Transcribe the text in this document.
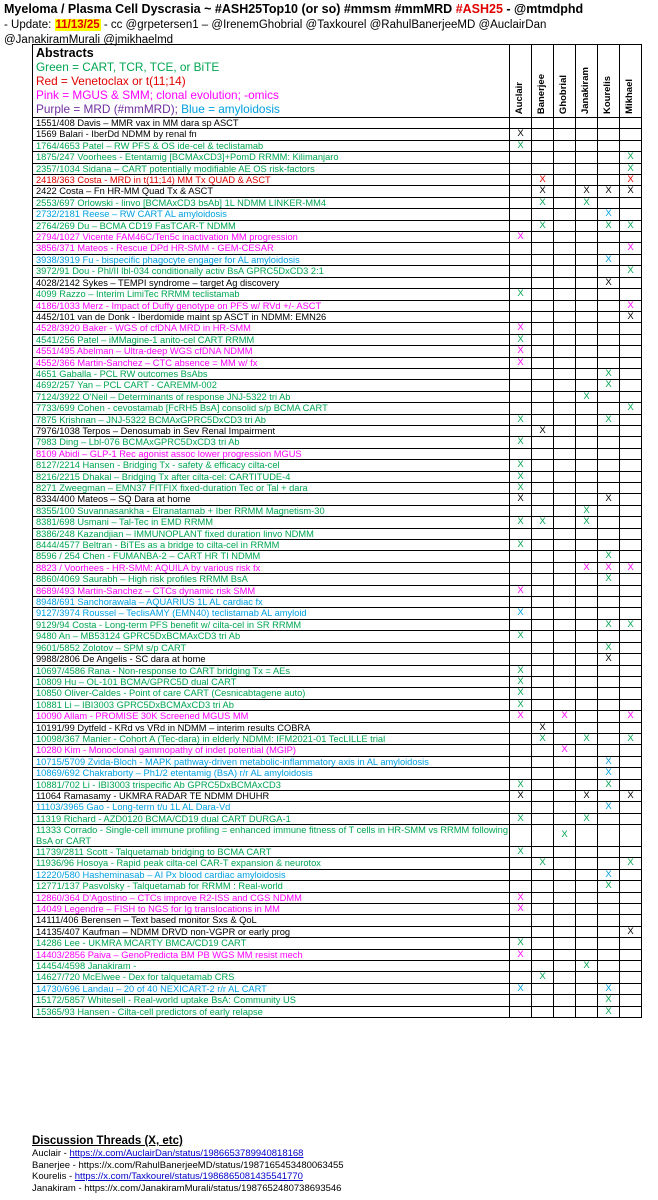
Myeloma / Plasma Cell Dyscrasia ~ #ASH25Top10 (or so) #mmsm #mmMRD #ASH25 - @mtmdphd
- Update: 11/13/25 - cc @grpetersen1 – @IrenemGhobrial @Taxkourel @RahulBanerjeeMD @AuclairDan
@JanakiramMurali @jmikhaelmd
Abstracts
Green = CART, TCR, TCE, or BiTE
Red = Venetoclax or t(11;14)
Pink = MGUS & SMM; clonal evolution; -omics
Purple = MRD (#mmMRD); Blue = amyloidosis	Auclair	Banerjee	Ghobrial	Janakiram	Kourelis	Mikhael

1551/408 Davis – MMR vax in MM dara sp ASCT						
1569 Balari - IberDd NDMM by renal fn	X					
1764/4653 Patel – RW PFS & OS ide-cel & teclistamab	X					
1875/247 Voorhees - Etentamig [BCMAxCD3]+PomD RRMM: Kilimanjaro						X
2357/1034 Sidana – CART potentially modifiable AE OS risk-factors						X
2418/363 Costa - MRD in t(11;14) MM Tx QUAD & ASCT		X				X
2422 Costa – Fn HR-MM Quad Tx & ASCT		X		X	X	X
2553/697 Orlowski - linvo [BCMAxCD3 bsAb] 1L NDMM LINKER-MM4		X		X		
2732/2181 Reese – RW CART AL amyloidosis					X	
2764/269 Du – BCMA CD19 FasTCAR-T NDMM		X			X	X
2794/1027 Vicente FAM46C/Ten5c inactivation MM progression	X					
3856/371 Mateos - Rescue DPd HR-SMM - GEM-CESAR						X
3938/3919 Fu - bispecific phagocyte engager for AL amyloidosis					X	
3972/91 Dou - Phl/II lbl-034 conditionally activ BsA GPRC5DxCD3 2:1						X
4028/2142 Sykes – TEMPI syndrome – target Ag discovery					X	
4099 Razzo – Interim LimiTec RRMM teclistamab	X					
4186/1033 Merz - Impact of Duffy genotype on PFS w/ RVd +/- ASCT						X
4452/101 van de Donk - Iberdomide maint sp ASCT in NDMM: EMN26						X
4528/3920 Baker - WGS of cfDNA MRD in HR-SMM	X					
4541/256 Patel – iMMagine-1 anito-cel CART RRMM	X					
4551/495 Abelman – Ultra-deep WGS cfDNA NDMM	X					
4552/366 Martin-Sanchez – CTC absence = MM w/ fx	X					
4651 Gaballa - PCL RW outcomes BsAbs					X	
4692/257 Yan – PCL CART - CAREMM-002					X	
7124/3922 O'Neil – Determinants of response JNJ-5322 tri Ab				X		
7733/699 Cohen - cevostamab [FcRH5 BsA] consolid s/p BCMA CART						X
7875 Krishnan – JNJ-5322 BCMAxGPRC5DxCD3 tri Ab	X				X	
7976/1038 Terpos – Denosumab in Sev Renal Impairment		X				
7983 Ding – Lbl-076 BCMAxGPRC5DxCD3 tri Ab	X					
8109 Abidi – GLP-1 Rec agonist assoc lower progression MGUS						
8127/2214 Hansen - Bridging Tx - safety & efficacy cilta-cel	X					
8216/2215 Dhakal – Bridging Tx after cilta-cel: CARTITUDE-4	X					
8271 Zweegman – EMN37 FITFIX fixed-duration Tec or Tal + dara	X					
8334/400 Mateos – SQ Dara at home	X				X	
8355/100 Suvannasankha - Elranatamab + Iber RRMM Magnetism-30				X		
8381/698 Usmani – Tal-Tec in EMD RRMM	X	X		X		
8386/248 Kazandjian – IMMUNOPLANT fixed duration linvo NDMM						
8444/4577 Beltran - BiTEs as a bridge to cilta-cel in RRMM	X					
8596 / 254 Chen - FUMANBA-2 – CART HR TI NDMM					X	
8823 / Voorhees - HR-SMM: AQUILA by various risk fx				X	X	X
8860/4069 Saurabh – High risk profiles RRMM BsA					X	
8689/493 Martin-Sanchez – CTCs dynamic risk SMM	X					
8948/691 Sanchorawala – AQUARIUS 1L AL cardiac fx						
9127/3974 Roussel – TeclisAMY (EMN40) teclistamab AL amyloid	X					
9129/94 Costa - Long-term PFS benefit w/ cilta-cel in SR RRMM					X	X
9480 An – MB53124 GPRC5DxBCMAxCD3 tri Ab	X					
9601/5852 Zolotov – SPM s/p CART					X	
9988/2806 De Angelis - SC dara at home					X	
10697/4586 Rana - Non-response to CART bridging Tx = AEs	X					
10809 Hu – OL-101 BCMA/GPRC5D dual CART	X					
10850 Oliver-Caldes - Point of care CART (Cesnicabtagene auto)	X					
10881 Li – IBI3003 GPRC5DxBCMAxCD3 tri Ab	X					
10090 Allam - PROMISE 30K Screened MGUS MM	X		X			X
10191/99 Dytfeld - KRd vs VRd in NDMM – interim results COBRA		X				
10098/367 Manier - Cohort A (Tec-dara) in elderly NDMM: IFM2021-01 TecLILLE trial		X		X		X
10280 Kim - Monoclonal gammopathy of indet potential (MGIP)			X			
10715/5709 Zvida-Bloch - MAPK pathway-driven metabolic-inflammatory axis in AL amyloidosis					X	
10869/692 Chakraborty – Ph1/2 etentamig (BsA) r/r AL amyloidosis					X	
10881/702 Li - IBI3003 trispecific Ab GPRC5DxBCMAxCD3	X				X	
11064 Ramasamy - UKMRA RADAR TE NDMM DHUHR	X			X		X
11103/3965 Gao - Long-term t/u 1L AL Dara-Vd					X	
11319 Richard - AZD0120 BCMA/CD19 dual CART DURGA-1	X			X		
11333 Corrado - Single-cell immune profiling = enhanced immune fitness of T cells in HR-SMM vs RRMM following BsA or CART			X			
11739/2811 Scott - Talquetamab bridging to BCMA CART	X					
11936/96 Hosoya - Rapid peak cilta-cel CAR-T expansion & neurotox		X				X
12220/580 Hasheminasab – AI Px blood cardiac amyloidosis					X	
12771/137 Pasvolsky - Talquetamab for RRMM : Real-world					X	
12860/364 D'Agostino – CTCs improve R2-ISS and CGS NDMM	X					
14049 Legendre – FISH to NGS for Ig translocations in MM	X					
14111/406 Berensen – Text based monitor Sxs & QoL						
14135/407 Kaufman – NDMM DRVD non-VGPR or early prog						X
14286 Lee - UKMRA MCARTY BMCA/CD19 CART	X					
14403/2856 Paiva – GenoPredicta BM PB WGS MM resist mech	X					
14454/4598 Janakiram -				X		
14627/720 McElwee - Dex for talquetamab CRS		X				
14730/696 Landau – 20 of 40 NEXICART-2 r/r AL CART	X				X	
15172/5857 Whitesell - Real-world uptake BsA: Community US					X	
15365/93 Hansen - Cilta-cell predictors of early relapse					X	
Discussion Threads (X, etc)
Auclair - https://x.com/AuclairDan/status/1986653789940818168
Banerjee - https://x.com/RahulBanerjeeMD/status/1987165453480063455
Kourelis - https://x.com/Taxkourel/status/1986865081435541770
Janakiram - https://x.com/JanakiramMurali/status/1987652480738693546
